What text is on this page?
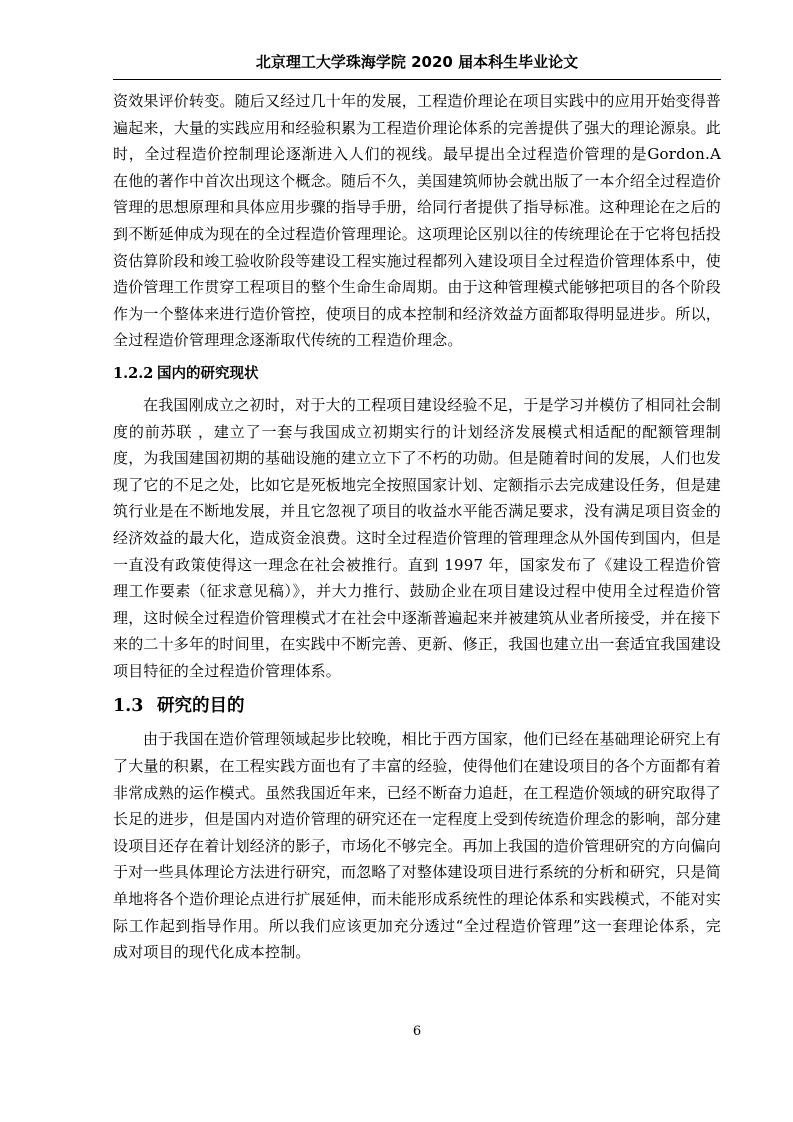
北京理工大学珠海学院 2020 届本科生毕业论文

资效果评价转变。随后又经过几十年的发展，工程造价理论在项目实践中的应用开始变得普遍起来，大量的实践应用和经验积累为工程造价理论体系的完善提供了强大的理论源泉。此时，全过程造价控制理论逐渐进入人们的视线。最早提出全过程造价管理的是Gordon.A 在他的著作中首次出现这个概念。随后不久，美国建筑师协会就出版了一本介绍全过程造价管理的思想原理和具体应用步骤的指导手册，给同行者提供了指导标准。这种理论在之后的到不断延伸成为现在的全过程造价管理理论。这项理论区别以往的传统理论在于它将包括投资估算阶段和竣工验收阶段等建设工程实施过程都列入建设项目全过程造价管理体系中，使造价管理工作贯穿工程项目的整个生命生命周期。由于这种管理模式能够把项目的各个阶段作为一个整体来进行造价管控，使项目的成本控制和经济效益方面都取得明显进步。所以，全过程造价管理理念逐渐取代传统的工程造价理念。

1.2.2 国内的研究现状

在我国刚成立之初时，对于大的工程项目建设经验不足，于是学习并模仿了相同社会制度的前苏联 ，建立了一套与我国成立初期实行的计划经济发展模式相适配的配额管理制度，为我国建国初期的基础设施的建立立下了不朽的功勋。但是随着时间的发展，人们也发现了它的不足之处，比如它是死板地完全按照国家计划、定额指示去完成建设任务，但是建筑行业是在不断地发展，并且它忽视了项目的收益水平能否满足要求，没有满足项目资金的经济效益的最大化，造成资金浪费。这时全过程造价管理的管理理念从外国传到国内，但是一直没有政策使得这一理念在社会被推行。直到 1997 年，国家发布了《建设工程造价管理工作要素（征求意见稿）》，并大力推行、鼓励企业在项目建设过程中使用全过程造价管理，这时候全过程造价管理模式才在社会中逐渐普遍起来并被建筑从业者所接受，并在接下来的二十多年的时间里，在实践中不断完善、更新、修正，我国也建立出一套适宜我国建设项目特征的全过程造价管理体系。

1.3 研究的目的

由于我国在造价管理领域起步比较晚，相比于西方国家，他们已经在基础理论研究上有了大量的积累，在工程实践方面也有了丰富的经验，使得他们在建设项目的各个方面都有着非常成熟的运作模式。虽然我国近年来，已经不断奋力追赶，在工程造价领域的研究取得了长足的进步，但是国内对造价管理的研究还在一定程度上受到传统造价理念的影响，部分建设项目还存在着计划经济的影子，市场化不够完全。再加上我国的造价管理研究的方向偏向于对一些具体理论方法进行研究，而忽略了对整体建设项目进行系统的分析和研究，只是简单地将各个造价理论点进行扩展延伸，而未能形成系统性的理论体系和实践模式，不能对实际工作起到指导作用。所以我们应该更加充分透过“全过程造价管理”这一套理论体系，完成对项目的现代化成本控制。

6
